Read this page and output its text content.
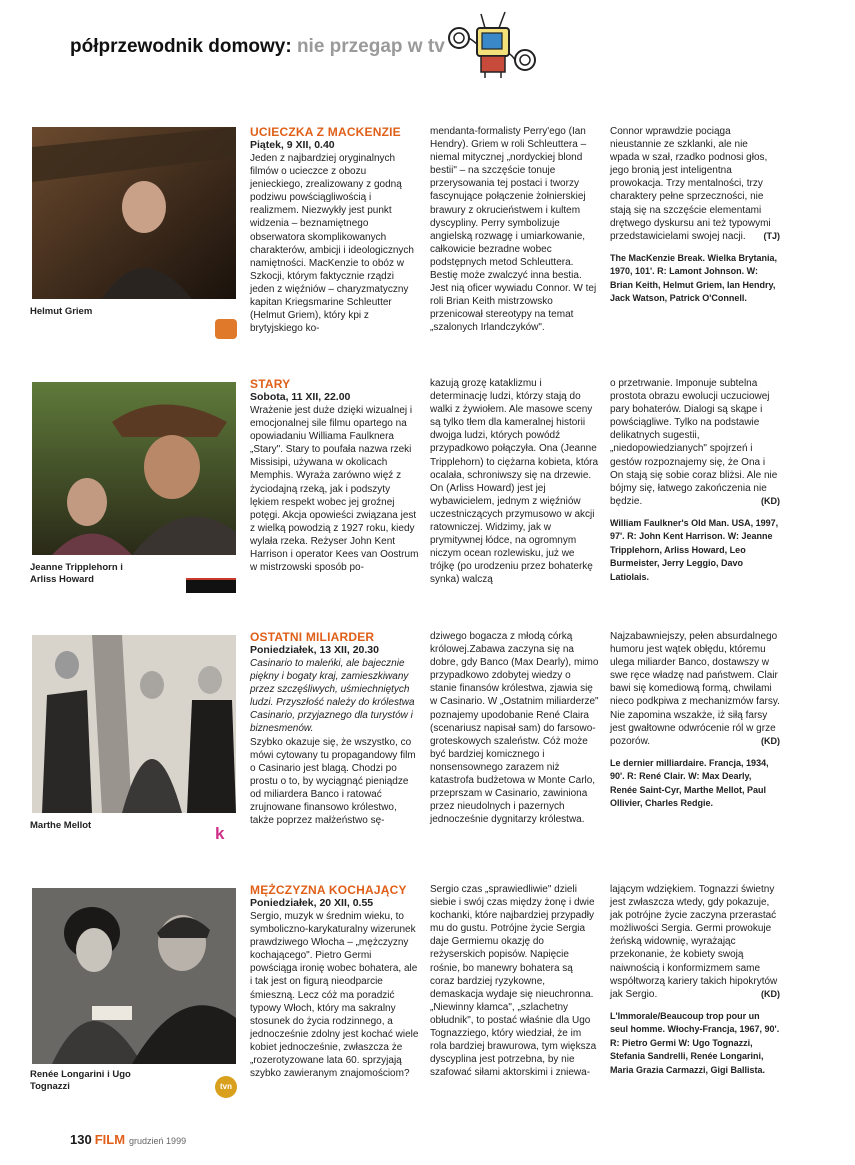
półprzewodnik domowy: nie przegap w tv
Helmut Griem
UCIECZKA Z MACKENZIE
Piątek, 9 XII, 0.40

Jeden z najbardziej oryginalnych filmów o ucieczce z obozu jenieckiego, zrealizowany z godną podziwu powściągliwością i realizmem. Niezwykły jest punkt widzenia – beznamiętnego obserwatora skomplikowanych charakterów, ambicji i ideologicznych namiętności. MacKenzie to obóz w Szkocji, którym faktycznie rządzi jeden z więźniów – charyzmatyczny kapitan Kriegsmarine Schleutter (Helmut Griem), który kpi z brytyjskiego ko-

mendanta-formalisty Perry'ego (Ian Hendry). Griem w roli Schleuttera – niemal mitycznej „nordyckiej blond bestii" – na szczęście tonuje przerysowania tej postaci i tworzy fascynujące połączenie żołnierskiej brawury z okrucieństwem i kultem dyscypliny. Perry symbolizuje angielską rozwagę i umiarkowanie, całkowicie bezradne wobec podstępnych metod Schleuttera. Bestię może zwalczyć inna bestia. Jest nią oficer wywiadu Connor. W tej roli Brian Keith mistrzowsko przenicował stereotypy na temat „szalonych Irlandczyków".

Connor wprawdzie pociąga nieustannie ze szklanki, ale nie wpada w szał, rzadko podnosi głos, jego bronią jest inteligentna prowokacja. Trzy mentalności, trzy charaktery pełne sprzeczności, nie stają się na szczęście elementami drętwego dyskursu ani też typowymi przedstawicielami swojej nacji. (TJ)

The MacKenzie Break. Wielka Brytania, 1970, 101'. R: Lamont Johnson. W: Brian Keith, Helmut Griem, Ian Hendry, Jack Watson, Patrick O'Connell.

Jeanne Tripplehorn i Arliss Howard
STARY
Sobota, 11 XII, 22.00

Wrażenie jest duże dzięki wizualnej i emocjonalnej sile filmu opartego na opowiadaniu Williama Faulknera „Stary". Stary to poufała nazwa rzeki Missisipi, używana w okolicach Memphis. Wyraża zarówno więź z życiodajną rzeką, jak i podszyty lękiem respekt wobec jej groźnej potęgi. Akcja opowieści związana jest z wielką powodzią z 1927 roku, kiedy wylała rzeka. Reżyser John Kent Harrison i operator Kees van Oostrum w mistrzowski sposób po-

kazują grozę kataklizmu i determinację ludzi, którzy stają do walki z żywiołem. Ale masowe sceny są tylko tłem dla kameralnej historii dwojga ludzi, których powódź przypadkowo połączyła. Ona (Jeanne Tripplehorn) to ciężarna kobieta, która ocalała, schroniwszy się na drzewie. On (Arliss Howard) jest jej wybawicielem, jednym z więźniów uczestniczących przymusowo w akcji ratowniczej. Widzimy, jak w prymitywnej łódce, na ogromnym niczym ocean rozlewisku, już we trójkę (po urodzeniu przez bohaterkę synka) walczą

o przetrwanie. Imponuje subtelna prostota obrazu ewolucji uczuciowej pary bohaterów. Dialogi są skąpe i powściągliwe. Tylko na podstawie delikatnych sugestii, „niedopowiedzianych" spojrzeń i gestów rozpoznajemy się, że Ona i On stają się sobie coraz bliżsi. Ale nie bójmy się, łatwego zakończenia nie będzie.	(KD)

William Faulkner's Old Man. USA, 1997, 97'. R: John Kent Harrison. W: Jeanne Tripplehorn, Arliss Howard, Leo Burmeister, Jerry Leggio, Davo Latiolais.

Marthe Mellot	k
OSTATNI MILIARDER
Poniedziałek, 13 XII, 20.30

Casinario to maleńki, ale bajecznie piękny i bogaty kraj, zamieszkiwany przez szczęśliwych, uśmiechniętych ludzi. Przyszłość należy do królestwa Casinario, przyjaznego dla turystów i biznesmenów.

Szybko okazuje się, że wszystko, co mówi cytowany tu propagandowy film o Casinario jest blagą. Chodzi po prostu o to, by wyciągnąć pieniądze od miliardera Banco i ratować zrujnowane finansowo królestwo, także poprzez małżeństwo sę-

dziwego bogacza z młodą córką królowej.Zabawa zaczyna się na dobre, gdy Banco (Max Dearly), mimo przypadkowo zdobytej wiedzy o stanie finansów królestwa, zjawia się w Casinario. W „Ostatnim miliarderze" poznajemy upodobanie René Claira (scenariusz napisał sam) do farsowo-groteskowych szaleństw. Cóż może być bardziej komicznego i nonsensownego zarazem niż katastrofa budżetowa w Monte Carlo, przeprszam w Casinario, zawiniona przez nieudolnych i pazernych jednocześnie dygnitarzy królestwa.

Najzabawniejszy, pełen absurdalnego humoru jest wątek obłędu, któremu ulega miliarder Banco, dostawszy w swe ręce władzę nad państwem. Clair bawi się komediową formą, chwilami nieco podkpiwa z mechanizmów farsy. Nie zapomina wszakże, iż siłą farsy jest gwałtowne odwrócenie ról w grze pozorów.	(KD)

Le dernier milliardaire. Francja, 1934, 90'. R: René Clair. W: Max Dearly, Renée Saint-Cyr, Marthe Mellot, Paul Ollivier, Charles Redgie.

Renée Longarini i Ugo Tognazzi	tvn
MĘŻCZYZNA KOCHAJĄCY
Poniedziałek, 20 XII, 0.55

Sergio, muzyk w średnim wieku, to symboliczno-karykaturalny wizerunek prawdziwego Włocha – „mężczyzny kochającego". Pietro Germi powściąga ironię wobec bohatera, ale i tak jest on figurą nieodparcie śmieszną. Lecz cóż ma poradzić typowy Włoch, który ma sakralny stosunek do życia rodzinnego, a jednocześnie zdolny jest kochać wiele kobiet jednocześnie, zwłaszcza że „rozerotyzowane lata 60. sprzyjają szybko zawieranym znajomościom?

Sergio czas „sprawiedliwie" dzieli siebie i swój czas między żonę i dwie kochanki, które najbardziej przypadły mu do gustu. Potrójne życie Sergia daje Germiemu okazję do reżyserskich popisów. Napięcie rośnie, bo manewry bohatera są coraz bardziej ryzykowne, demaskacja wydaje się nieuchronna. „Niewinny kłamca", „szlachetny obłudnik", to postać właśnie dla Ugo Tognazziego, który wiedział, że im rola bardziej brawurowa, tym większa dyscyplina jest potrzebna, by nie szafować siłami aktorskimi i zniewa-

lającym wdziękiem. Tognazzi świetny jest zwłaszcza wtedy, gdy pokazuje, jak potrójne życie zaczyna przerastać możliwości Sergia. Germi prowokuje żeńską widownię, wyrażając przekonanie, że kobiety swoją naiwnością i konformizmem same współtworzą kariery takich hipokrytów jak Sergio.	(KD)

L'Immorale/Beaucoup trop pour un seul homme. Włochy-Francja, 1967, 90'. R: Pietro Germi W: Ugo Tognazzi, Stefania Sandrelli, Renée Longarini, Maria Grazia Carmazzi, Gigi Ballista.

130 FILM grudzień 1999
